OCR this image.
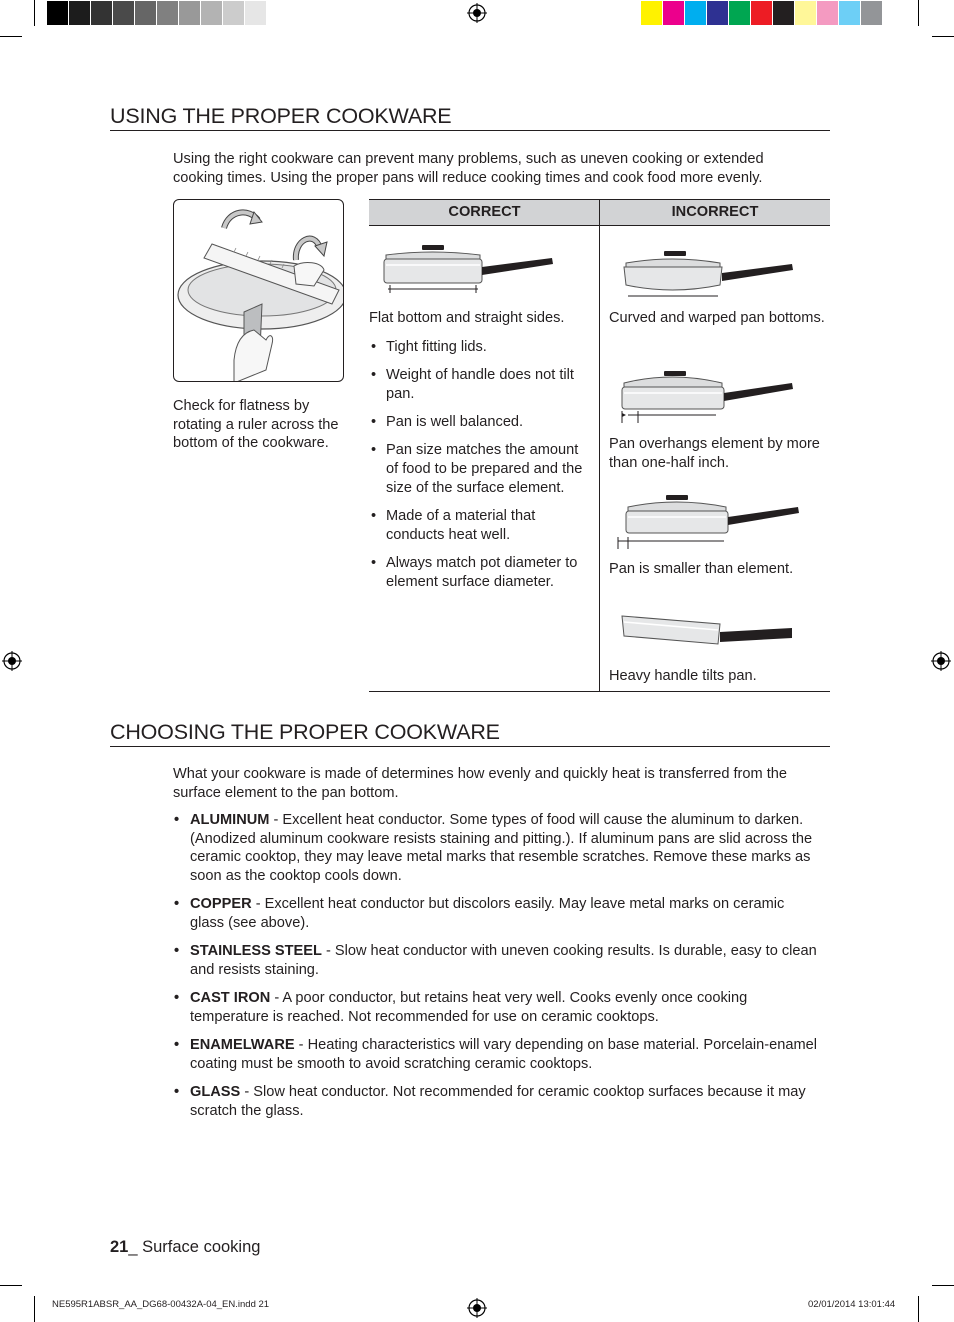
USING THE PROPER COOKWARE
Using the right cookware can prevent many problems, such as uneven cooking or extended cooking times. Using the proper pans will reduce cooking times and cook food more evenly.
Check for flatness by rotating a ruler across the bottom of the cookware.
CORRECT	INCORRECT
Flat bottom and straight sides.
• Tight fitting lids.
• Weight of handle does not tilt pan.
• Pan is well balanced.
• Pan size matches the amount of food to be prepared and the size of the surface element.
• Made of a material that conducts heat well.
• Always match pot diameter to element surface diameter.
Curved and warped pan bottoms.
Pan overhangs element by more than one-half inch.
Pan is smaller than element.
Heavy handle tilts pan.
CHOOSING THE PROPER COOKWARE
What your cookware is made of determines how evenly and quickly heat is transferred from the surface element to the pan bottom.
• ALUMINUM - Excellent heat conductor. Some types of food will cause the aluminum to darken. (Anodized aluminum cookware resists staining and pitting.). If aluminum pans are slid across the ceramic cooktop, they may leave metal marks that resemble scratches. Remove these marks as soon as the cooktop cools down.
• COPPER - Excellent heat conductor but discolors easily. May leave metal marks on ceramic glass (see above).
• STAINLESS STEEL - Slow heat conductor with uneven cooking results. Is durable, easy to clean and resists staining.
• CAST IRON - A poor conductor, but retains heat very well. Cooks evenly once cooking temperature is reached. Not recommended for use on ceramic cooktops.
• ENAMELWARE - Heating characteristics will vary depending on base material. Porcelain-enamel coating must be smooth to avoid scratching ceramic cooktops.
• GLASS - Slow heat conductor. Not recommended for ceramic cooktop surfaces because it may scratch the glass.
21_ Surface cooking
NE595R1ABSR_AA_DG68-00432A-04_EN.indd 21	02/01/2014 13:01:44
